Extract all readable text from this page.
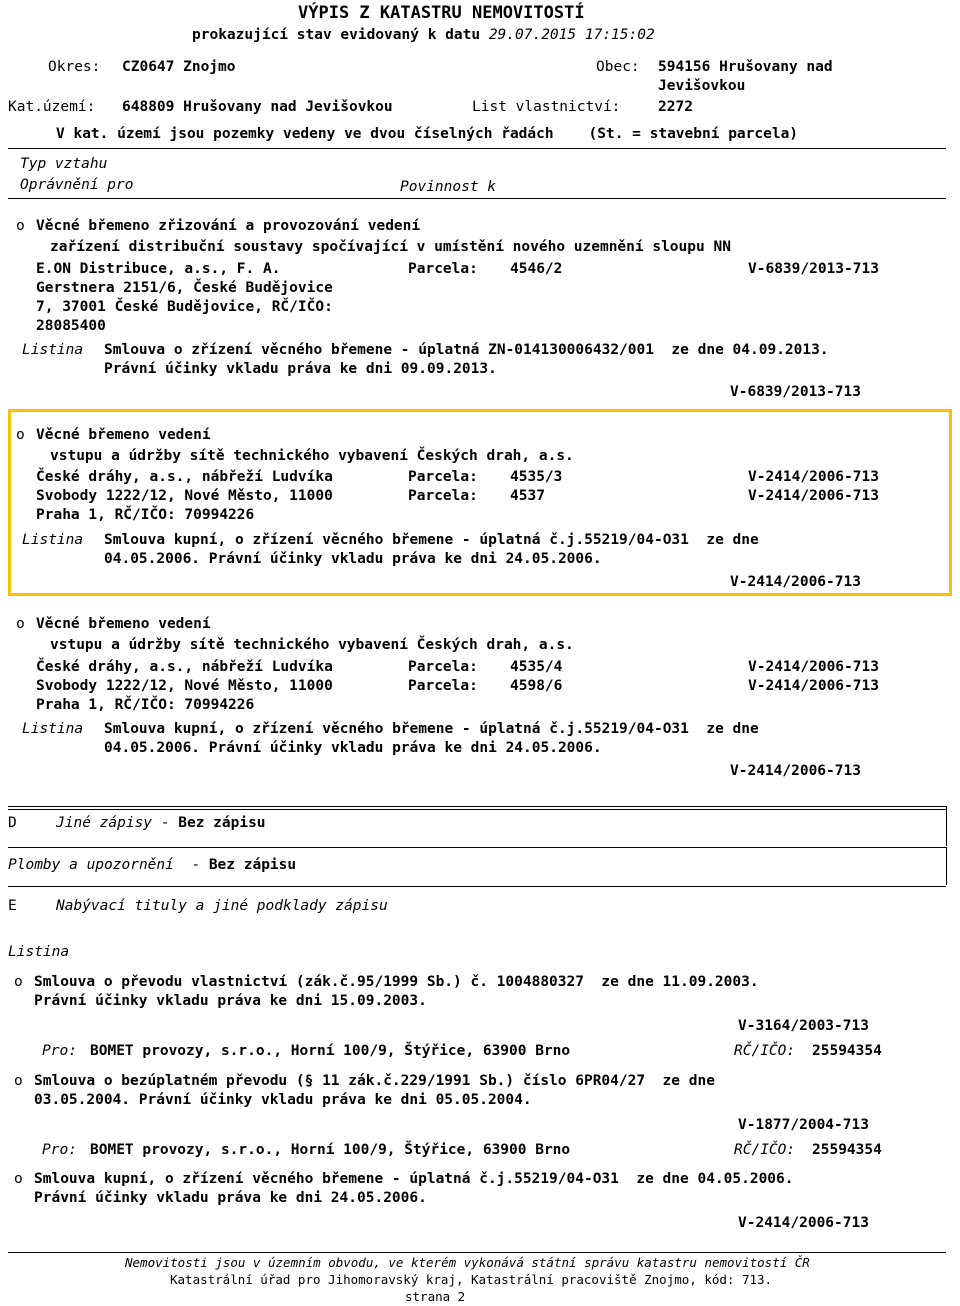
VÝPIS Z KATASTRU NEMOVITOSTÍ
prokazující stav evidovaný k datu 29.07.2015 17:15:02
Okres: CZ0647 Znojmo	Obec: 594156 Hrušovany nad
Jevišovkou
Kat.území: 648809 Hrušovany nad Jevišovkou	List vlastnictví:	2272
V kat. území jsou pozemky vedeny ve dvou číselných řadách    (St. = stavební parcela)
Typ vztahu
Oprávnění pro	Povinnost k
o Věcné břemeno zřizování a provozování vedení
zařízení distribuční soustavy spočívající v umístění nového uzemnění sloupu NN
E.ON Distribuce, a.s., F. A.
Gerstnera 2151/6, České Budějovice
7, 37001 České Budějovice, RČ/IČO:
28085400
Parcela: 4546/2	V-6839/2013-713
Listina Smlouva o zřízení věcného břemene - úplatná ZN-014130006432/001  ze dne 04.09.2013.
Právní účinky vkladu práva ke dni 09.09.2013.
V-6839/2013-713
o Věcné břemeno vedení
vstupu a údržby sítě technického vybavení Českých drah, a.s.
České dráhy, a.s., nábřeží Ludvíka
Svobody 1222/12, Nové Město, 11000
Praha 1, RČ/IČO: 70994226
Parcela: 4535/3	V-2414/2006-713
Parcela: 4537	V-2414/2006-713
Listina Smlouva kupní, o zřízení věcného břemene - úplatná č.j.55219/04-O31  ze dne
04.05.2006. Právní účinky vkladu práva ke dni 24.05.2006.
V-2414/2006-713
o Věcné břemeno vedení
vstupu a údržby sítě technického vybavení Českých drah, a.s.
České dráhy, a.s., nábřeží Ludvíka
Svobody 1222/12, Nové Město, 11000
Praha 1, RČ/IČO: 70994226
Parcela: 4535/4	V-2414/2006-713
Parcela: 4598/6	V-2414/2006-713
Listina Smlouva kupní, o zřízení věcného břemene - úplatná č.j.55219/04-O31  ze dne
04.05.2006. Právní účinky vkladu práva ke dni 24.05.2006.
V-2414/2006-713
D	Jiné zápisy - Bez zápisu
Plomby a upozornění - Bez zápisu
E	Nabývací tituly a jiné podklady zápisu
Listina
o Smlouva o převodu vlastnictví (zák.č.95/1999 Sb.) č. 1004880327  ze dne 11.09.2003.
Právní účinky vkladu práva ke dni 15.09.2003.
V-3164/2003-713
Pro: BOMET provozy, s.r.o., Horní 100/9, Štýřice, 63900 Brno	RČ/IČO: 25594354
o Smlouva o bezúplatném převodu (§ 11 zák.č.229/1991 Sb.) číslo 6PR04/27  ze dne
03.05.2004. Právní účinky vkladu práva ke dni 05.05.2004.
V-1877/2004-713
Pro: BOMET provozy, s.r.o., Horní 100/9, Štýřice, 63900 Brno	RČ/IČO: 25594354
o Smlouva kupní, o zřízení věcného břemene - úplatná č.j.55219/04-O31  ze dne 04.05.2006.
Právní účinky vkladu práva ke dni 24.05.2006.
V-2414/2006-713
Nemovitosti jsou v územním obvodu, ve kterém vykonává státní správu katastru nemovitostí ČR
Katastrální úřad pro Jihomoravský kraj, Katastrální pracoviště Znojmo, kód: 713.
strana 2
